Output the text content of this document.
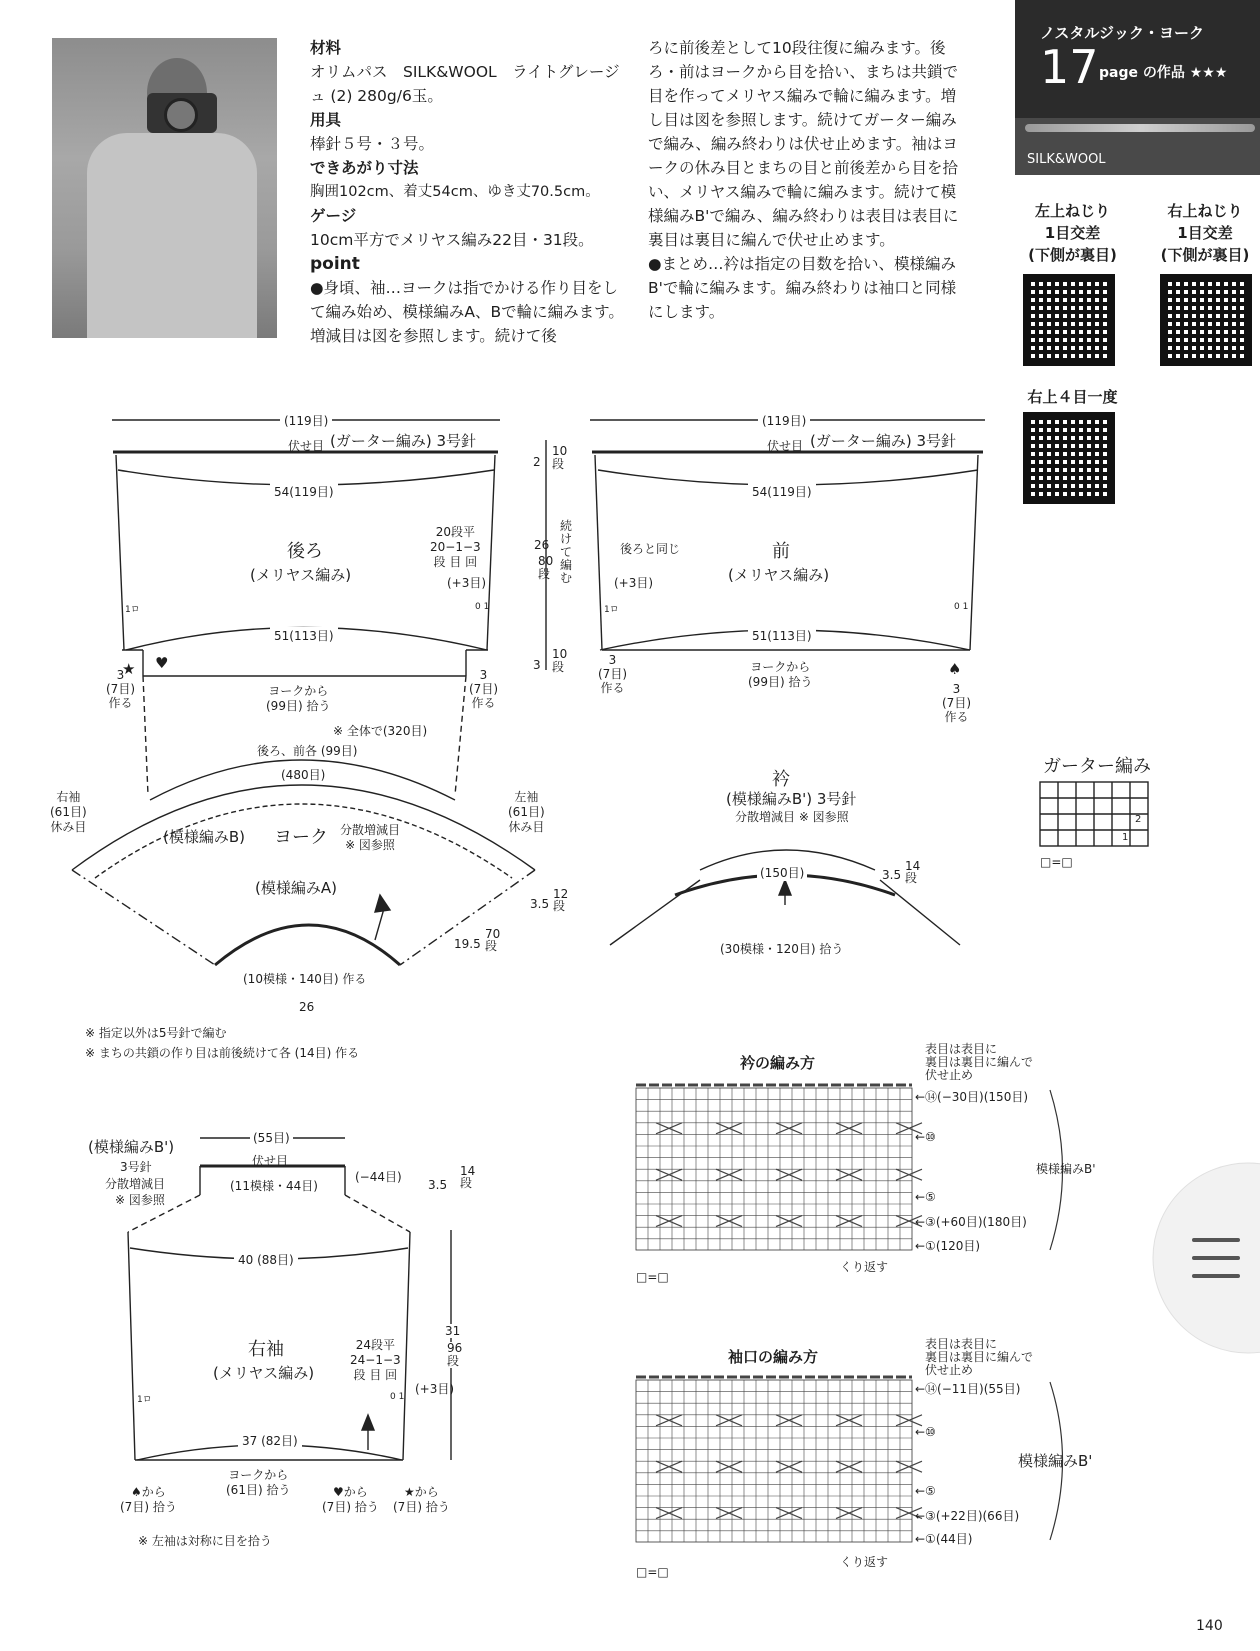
材料

オリムパス　SILK&WOOL　ライトグレージュ (2) 280g/6玉。

用具

棒針５号・３号。

できあがり寸法

胸囲102cm、着丈54cm、ゆき丈70.5cm。

ゲージ

10cm平方でメリヤス編み22目・31段。

point

●身頃、袖…ヨークは指でかける作り目をして編み始め、模様編みA、Bで輪に編みます。増減目は図を参照します。続けて後

ろに前後差として10段往復に編みます。後ろ・前はヨークから目を拾い、まちは共鎖で目を作ってメリヤス編みで輪に編みます。増し目は図を参照します。続けてガーター編みで編み、編み終わりは伏せ止めます。袖はヨークの休み目とまちの目と前後差から目を拾い、メリヤス編みで輪に編みます。続けて模様編みB'で編み、編み終わりは表目は表目に裏目は裏目に編んで伏せ止めます。

●まとめ…衿は指定の目数を拾い、模様編みB'で輪に編みます。編み終わりは袖口と同様にします。

ノスタルジック・ヨーク
17 page の作品 ★★★
SILK&WOOL
左上ねじり
1目交差
(下側が裏目)
右上ねじり
1目交差
(下側が裏目)
右上４目一度
(119目)
伏せ目 (ガーター編み) 3号針
54(119目)
後ろ
(メリヤス編み)
20段平
20−1−3
段 目 回
(+3目)
1ロ	0 1
51(113目)
★ ♥
3
(7目)
作る
3
(7目)
作る
ヨークから
(99目) 拾う
2
10段
26
80段
続けて編む
3
10段
(119目)
伏せ目 (ガーター編み) 3号針
54(119目)
後ろと同じ	前
(メリヤス編み)
(+3目)
1ロ	0 1
51(113目)
ヨークから
(99目) 拾う
3
(7目)
作る
♠
3
(7目)
作る
※ 全体で(320目)
後ろ、前各 (99目)
(480目)
右袖
(61目)
休み目
左袖
(61目)
休み目
(模様編みB) ヨーク 分散増減目
※ 図参照
(模様編みA)
3.5
12段
19.5
70段
(10模様・140目) 作る
26
衿
(模様編みB') 3号針
分散増減目 ※ 図参照
(150目)	3.5
14段
(30模様・120目) 拾う
ガーター編み
2
1
□=□
※ 指定以外は5号針で編む
※ まちの共鎖の作り目は前後続けて各 (14目) 作る
(模様編みB')
3号針
分散増減目
※ 図参照
(55目)
伏せ目
(11模様・44目)
(−44目)
3.5
14段
40 (88目)
右袖
(メリヤス編み)
24段平
24−1−3
段 目 回
(+3目)
31
96段
1ロ	0 1
37 (82目)
ヨークから
(61目) 拾う
♠から
(7目) 拾う
♥から
(7目) 拾う
★から
(7目) 拾う
※ 左袖は対称に目を拾う
衿の編み方
表目は表目に
裏目は裏目に編んで
伏せ止め
←⑭(−30目)(150目)
←⑩
←⑤
←③(+60目)(180目)
←①(120目)
模様編みB'
くり返す
□=□
袖口の編み方
表目は表目に
裏目は裏目に編んで
伏せ止め
←⑭(−11目)(55目)
←⑩
←⑤
←③(+22目)(66目)
←①(44目)
模様編みB'
くり返す
□=□
140
